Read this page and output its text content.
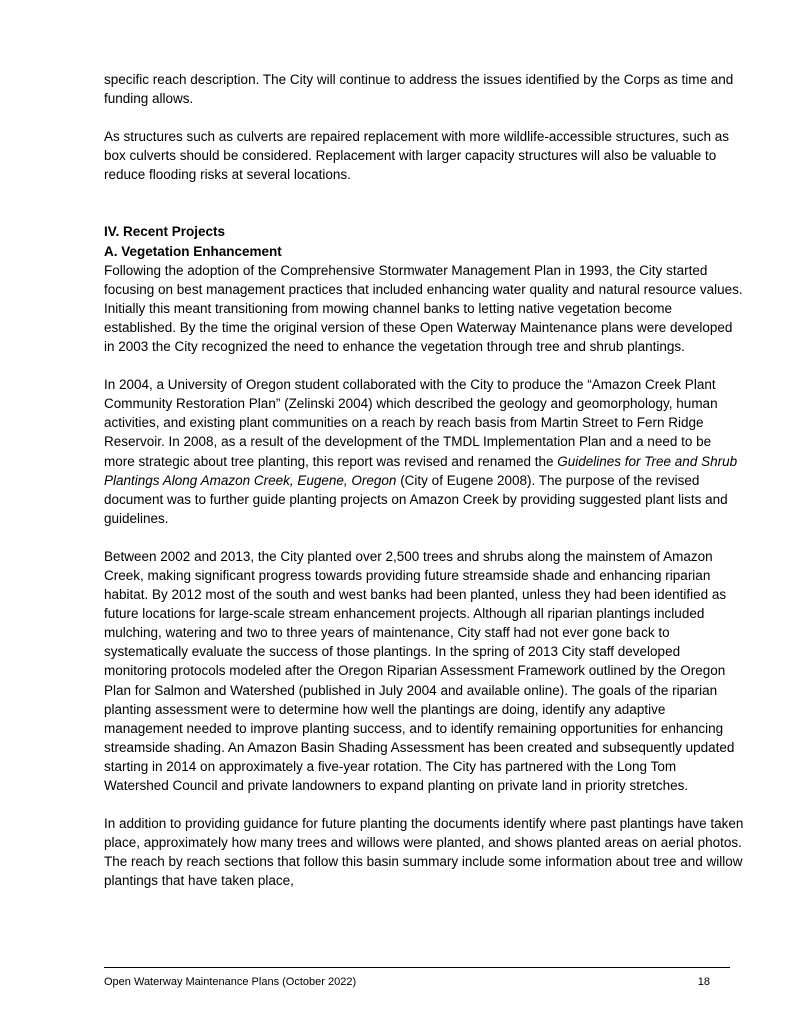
specific reach description. The City will continue to address the issues identified by the Corps as time and funding allows.

As structures such as culverts are repaired replacement with more wildlife-accessible structures, such as box culverts should be considered. Replacement with larger capacity structures will also be valuable to reduce flooding risks at several locations.

IV. Recent Projects

A. Vegetation Enhancement

Following the adoption of the Comprehensive Stormwater Management Plan in 1993, the City started focusing on best management practices that included enhancing water quality and natural resource values. Initially this meant transitioning from mowing channel banks to letting native vegetation become established. By the time the original version of these Open Waterway Maintenance plans were developed in 2003 the City recognized the need to enhance the vegetation through tree and shrub plantings.

In 2004, a University of Oregon student collaborated with the City to produce the “Amazon Creek Plant Community Restoration Plan” (Zelinski 2004) which described the geology and geomorphology, human activities, and existing plant communities on a reach by reach basis from Martin Street to Fern Ridge Reservoir. In 2008, as a result of the development of the TMDL Implementation Plan and a need to be more strategic about tree planting, this report was revised and renamed the Guidelines for Tree and Shrub Plantings Along Amazon Creek, Eugene, Oregon (City of Eugene 2008). The purpose of the revised document was to further guide planting projects on Amazon Creek by providing suggested plant lists and guidelines.

Between 2002 and 2013, the City planted over 2,500 trees and shrubs along the mainstem of Amazon Creek, making significant progress towards providing future streamside shade and enhancing riparian habitat. By 2012 most of the south and west banks had been planted, unless they had been identified as future locations for large-scale stream enhancement projects. Although all riparian plantings included mulching, watering and two to three years of maintenance, City staff had not ever gone back to systematically evaluate the success of those plantings. In the spring of 2013 City staff developed monitoring protocols modeled after the Oregon Riparian Assessment Framework outlined by the Oregon Plan for Salmon and Watershed (published in July 2004 and available online). The goals of the riparian planting assessment were to determine how well the plantings are doing, identify any adaptive management needed to improve planting success, and to identify remaining opportunities for enhancing streamside shading. An Amazon Basin Shading Assessment has been created and subsequently updated starting in 2014 on approximately a five-year rotation. The City has partnered with the Long Tom Watershed Council and private landowners to expand planting on private land in priority stretches.

In addition to providing guidance for future planting the documents identify where past plantings have taken place, approximately how many trees and willows were planted, and shows planted areas on aerial photos. The reach by reach sections that follow this basin summary include some information about tree and willow plantings that have taken place,

Open Waterway Maintenance Plans (October 2022)	18
